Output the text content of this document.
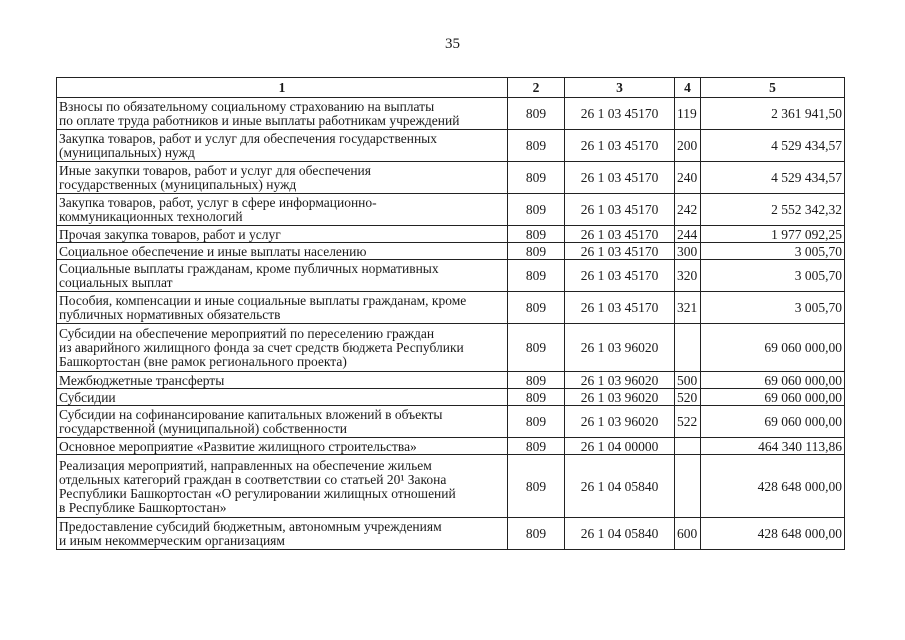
35
1	2	3	4	5
Взносы по обязательному социальному страхованию на выплаты
по оплате труда работников и иные выплаты работникам учреждений	809	26 1 03 45170	119	2 361 941,50
Закупка товаров, работ и услуг для обеспечения государственных
(муниципальных) нужд	809	26 1 03 45170	200	4 529 434,57
Иные закупки товаров, работ и услуг для обеспечения
государственных (муниципальных) нужд	809	26 1 03 45170	240	4 529 434,57
Закупка товаров, работ, услуг в сфере информационно-
коммуникационных технологий	809	26 1 03 45170	242	2 552 342,32
Прочая закупка товаров, работ и услуг	809	26 1 03 45170	244	1 977 092,25
Социальное обеспечение и иные выплаты населению	809	26 1 03 45170	300	3 005,70
Социальные выплаты гражданам, кроме публичных нормативных
социальных выплат	809	26 1 03 45170	320	3 005,70
Пособия, компенсации и иные социальные выплаты гражданам, кроме
публичных нормативных обязательств	809	26 1 03 45170	321	3 005,70
Субсидии на обеспечение мероприятий по переселению граждан
из аварийного жилищного фонда за счет средств бюджета Республики
Башкортостан (вне рамок регионального проекта)	809	26 1 03 96020		69 060 000,00
Межбюджетные трансферты	809	26 1 03 96020	500	69 060 000,00
Субсидии	809	26 1 03 96020	520	69 060 000,00
Субсидии на софинансирование капитальных вложений в объекты
государственной (муниципальной) собственности	809	26 1 03 96020	522	69 060 000,00
Основное мероприятие «Развитие жилищного строительства»	809	26 1 04 00000		464 340 113,86
Реализация мероприятий, направленных на обеспечение жильем
отдельных категорий граждан в соответствии со статьей 20¹ Закона
Республики Башкортостан «О регулировании жилищных отношений
в Республике Башкортостан»	809	26 1 04 05840		428 648 000,00
Предоставление субсидий бюджетным, автономным учреждениям
и иным некоммерческим организациям	809	26 1 04 05840	600	428 648 000,00
